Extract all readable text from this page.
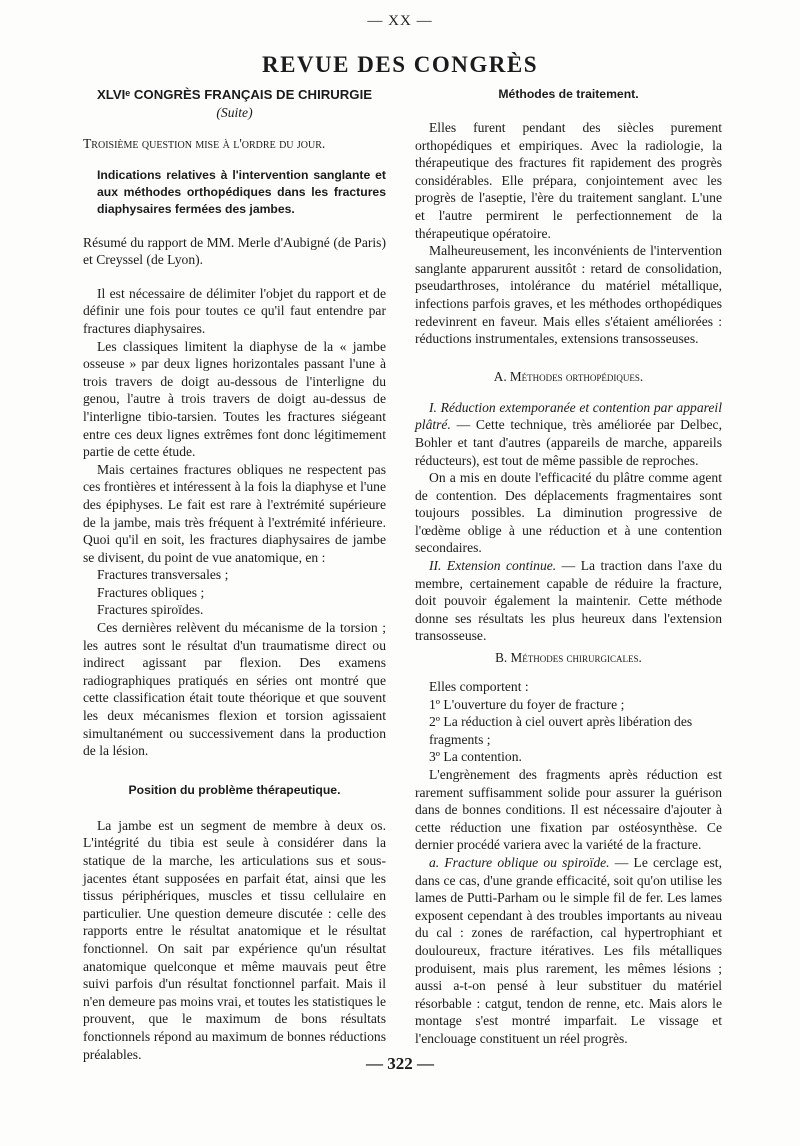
— XX —
REVUE DES CONGRÈS

XLVIᵉ CONGRÈS FRANÇAIS DE CHIRURGIE

(Suite)

Troisième question mise à l'ordre du jour.

Indications relatives à l'intervention sanglante et aux méthodes orthopédiques dans les fractures diaphysaires fermées des jambes.

Résumé du rapport de MM. Merle d'Aubigné (de Paris) et Creyssel (de Lyon).

Il est nécessaire de délimiter l'objet du rapport et de définir une fois pour toutes ce qu'il faut entendre par fractures diaphysaires.

Les classiques limitent la diaphyse de la « jambe osseuse » par deux lignes horizontales passant l'une à trois travers de doigt au-dessous de l'interligne du genou, l'autre à trois travers de doigt au-dessus de l'interligne tibio-tarsien. Toutes les fractures siégeant entre ces deux lignes extrêmes font donc légitimement partie de cette étude.

Mais certaines fractures obliques ne respectent pas ces frontières et intéressent à la fois la diaphyse et l'une des épiphyses. Le fait est rare à l'extrémité supérieure de la jambe, mais très fréquent à l'extrémité inférieure. Quoi qu'il en soit, les fractures diaphysaires de jambe se divisent, du point de vue anatomique, en :

Fractures transversales ;

Fractures obliques ;

Fractures spiroïdes.

Ces dernières relèvent du mécanisme de la torsion ; les autres sont le résultat d'un traumatisme direct ou indirect agissant par flexion. Des examens radiographiques pratiqués en séries ont montré que cette classification était toute théorique et que souvent les deux mécanismes flexion et torsion agissaient simultanément ou successivement dans la production de la lésion.

Position du problème thérapeutique.

La jambe est un segment de membre à deux os. L'intégrité du tibia est seule à considérer dans la statique de la marche, les articulations sus et sous-jacentes étant supposées en parfait état, ainsi que les tissus périphériques, muscles et tissu cellulaire en particulier. Une question demeure discutée : celle des rapports entre le résultat anatomique et le résultat fonctionnel. On sait par expérience qu'un résultat anatomique quelconque et même mauvais peut être suivi parfois d'un résultat fonctionnel parfait. Mais il n'en demeure pas moins vrai, et toutes les statistiques le prouvent, que le maximum de bons résultats fonctionnels répond au maximum de bonnes réductions préalables.

Méthodes de traitement.

Elles furent pendant des siècles purement orthopédiques et empiriques. Avec la radiologie, la thérapeutique des fractures fit rapidement des progrès considérables. Elle prépara, conjointement avec les progrès de l'aseptie, l'ère du traitement sanglant. L'une et l'autre permirent le perfectionnement de la thérapeutique opératoire.

Malheureusement, les inconvénients de l'intervention sanglante apparurent aussitôt : retard de consolidation, pseudarthroses, intolérance du matériel métallique, infections parfois graves, et les méthodes orthopédiques redevinrent en faveur. Mais elles s'étaient améliorées : réductions instrumentales, extensions transosseuses.

A. Méthodes orthopédiques.

I. Réduction extemporanée et contention par appareil plâtré. — Cette technique, très améliorée par Delbec, Bohler et tant d'autres (appareils de marche, appareils réducteurs), est tout de même passible de reproches.

On a mis en doute l'efficacité du plâtre comme agent de contention. Des déplacements fragmentaires sont toujours possibles. La diminution progressive de l'œdème oblige à une réduction et à une contention secondaires.

II. Extension continue. — La traction dans l'axe du membre, certainement capable de réduire la fracture, doit pouvoir également la maintenir. Cette méthode donne ses résultats les plus heureux dans l'extension transosseuse.

B. Méthodes chirurgicales.

Elles comportent :

1º L'ouverture du foyer de fracture ;

2º La réduction à ciel ouvert après libération des fragments ;

3º La contention.

L'engrènement des fragments après réduction est rarement suffisamment solide pour assurer la guérison dans de bonnes conditions. Il est nécessaire d'ajouter à cette réduction une fixation par ostéosynthèse. Ce dernier procédé variera avec la variété de la fracture.

a. Fracture oblique ou spiroïde. — Le cerclage est, dans ce cas, d'une grande efficacité, soit qu'on utilise les lames de Putti-Parham ou le simple fil de fer. Les lames exposent cependant à des troubles importants au niveau du cal : zones de raréfaction, cal hypertrophiant et douloureux, fracture itératives. Les fils métalliques produisent, mais plus rarement, les mêmes lésions ; aussi a-t-on pensé à leur substituer du matériel résorbable : catgut, tendon de renne, etc. Mais alors le montage s'est montré imparfait. Le vissage et l'enclouage constituent un réel progrès.

— 322 —
